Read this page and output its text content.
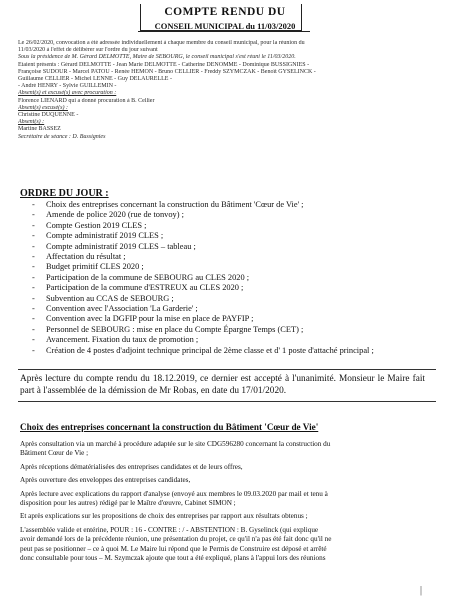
COMPTE RENDU DU
CONSEIL MUNICIPAL du 11/03/2020
Le 26/02/2020, convocation a été adressée individuellement à chaque membre du conseil municipal, pour la réunion du
11/03/2020 à l'effet de délibérer sur l'ordre du jour suivant
Sous la présidence de M. Gérard DELMOTTE, Maire de SEBOURG, le conseil municipal s'est réuni le 11/03/2020.
Étaient présents : Gérard DELMOTTE - Jean Marie DELMOTTE - Catherine DENOMME - Dominique BUSSIGNIES -
Françoise SUDOUR - Marcel PATOU - Renée HEMON - Bruno CELLIER - Freddy SZYMCZAK - Benoît GYSELINCK -
Guillaume CELLIER - Michel LENNE - Guy DELAURELLE -
- André HENRY - Sylvie GUILLEMIN -
Absent(s) et excusé(s) avec procuration :
Florence LIENARD qui a donné procuration à B. Cellier
Absent(s) excusé(s) :
Christine DUQUENNE -
Absent(s) :
Martine BASSEZ
Secrétaire de séance : D. Bussignies
ORDRE DU JOUR :
- Choix des entreprises concernant la construction du Bâtiment 'Cœur de Vie' ;
- Amende de police 2020 (rue de tonvoy) ;
- Compte Gestion 2019 CLES ;
- Compte administratif 2019 CLES ;
- Compte administratif 2019 CLES – tableau ;
- Affectation du résultat ;
- Budget primitif CLES 2020 ;
- Participation de la commune de SEBOURG au CLES 2020 ;
- Participation de la commune d'ESTREUX au CLES 2020 ;
- Subvention au CCAS de SEBOURG ;
- Convention avec l'Association 'La Garderie' ;
- Convention avec la DGFIP pour la mise en place de PAYFIP ;
- Personnel de SEBOURG : mise en place du Compte Épargne Temps (CET) ;
- Avancement. Fixation du taux de promotion ;
- Création de 4 postes d'adjoint technique principal de 2ème classe et d' 1 poste d'attaché principal ;
Après lecture du compte rendu du 18.12.2019, ce dernier est accepté à l'unanimité. Monsieur le Maire fait part à l'assemblée de la démission de Mr Robas, en date du 17/01/2020.
Choix des entreprises concernant la construction du Bâtiment 'Cœur de Vie'

Après consultation via un marché à procédure adaptée sur le site CDG596280 concernant la construction du
Bâtiment Cœur de Vie ;

Après réceptions dématérialisées des entreprises candidates et de leurs offres,

Après ouverture des enveloppes des entreprises candidates,

Après lecture avec explications du rapport d'analyse (envoyé aux membres le 09.03.2020 par mail et tenu à
disposition pour les autres) rédigé par le Maître d'œuvre, Cabinet SIMON ;

Et après explications sur les propositions de choix des entreprises par rapport aux résultats obtenus ;

L'assemblée valide et entérine, POUR : 16 - CONTRE : / - ABSTENTION : B. Gyselinck (qui explique
avoir demandé lors de la précédente réunion, une présentation du projet, ce qu'il n'a pas été fait donc qu'il ne
peut pas se positionner – ce à quoi M. Le Maire lui répond que le Permis de Construire est déposé et arrêté
donc consultable pour tous – M. Szymczak ajoute que tout a été expliqué, plans à l'appui lors des réunions

|
